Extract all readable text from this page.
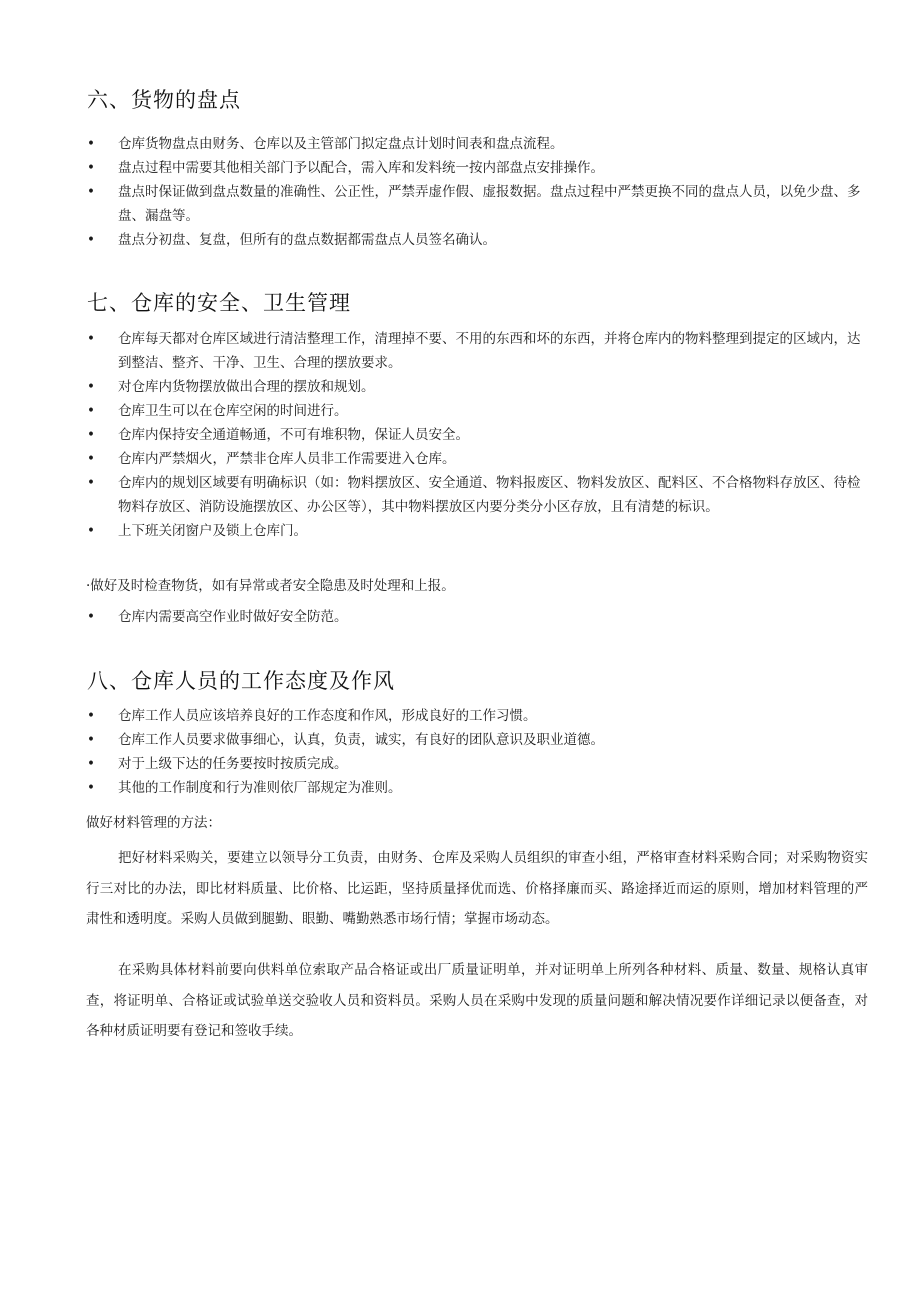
六、货物的盘点
• 仓库货物盘点由财务、仓库以及主管部门拟定盘点计划时间表和盘点流程。
• 盘点过程中需要其他相关部门予以配合，需入库和发料统一按内部盘点安排操作。
• 盘点时保证做到盘点数量的准确性、公正性，严禁弄虚作假、虚报数据。盘点过程中严禁更换不同的盘点人员，以免少盘、多盘、漏盘等。
• 盘点分初盘、复盘，但所有的盘点数据都需盘点人员签名确认。
七、仓库的安全、卫生管理
• 仓库每天都对仓库区域进行清洁整理工作，清理掉不要、不用的东西和坏的东西，并将仓库内的物料整理到提定的区域内，达到整洁、整齐、干净、卫生、合理的摆放要求。
• 对仓库内货物摆放做出合理的摆放和规划。
• 仓库卫生可以在仓库空闲的时间进行。
• 仓库内保持安全通道畅通，不可有堆积物，保证人员安全。
• 仓库内严禁烟火，严禁非仓库人员非工作需要进入仓库。
• 仓库内的规划区域要有明确标识（如：物料摆放区、安全通道、物料报废区、物料发放区、配料区、不合格物料存放区、待检物料存放区、消防设施摆放区、办公区等），其中物料摆放区内要分类分小区存放，且有清楚的标识。
• 上下班关闭窗户及锁上仓库门。

·做好及时检查物货，如有异常或者安全隐患及时处理和上报。

• 仓库内需要高空作业时做好安全防范。
八、仓库人员的工作态度及作风
• 仓库工作人员应该培养良好的工作态度和作风，形成良好的工作习惯。
• 仓库工作人员要求做事细心，认真，负责，诚实，有良好的团队意识及职业道德。
• 对于上级下达的任务要按时按质完成。
• 其他的工作制度和行为准则依厂部规定为准则。

做好材料管理的方法：

把好材料采购关，要建立以领导分工负责，由财务、仓库及采购人员组织的审查小组，严格审查材料采购合同；对采购物资实行三对比的办法，即比材料质量、比价格、比运距，坚持质量择优而选、价格择廉而买、路途择近而运的原则，增加材料管理的严肃性和透明度。采购人员做到腿勤、眼勤、嘴勤熟悉市场行情；掌握市场动态。

在采购具体材料前要向供料单位索取产品合格证或出厂质量证明单，并对证明单上所列各种材料、质量、数量、规格认真审查，将证明单、合格证或试验单送交验收人员和资料员。采购人员在采购中发现的质量问题和解决情况要作详细记录以便备查，对各种材质证明要有登记和签收手续。
